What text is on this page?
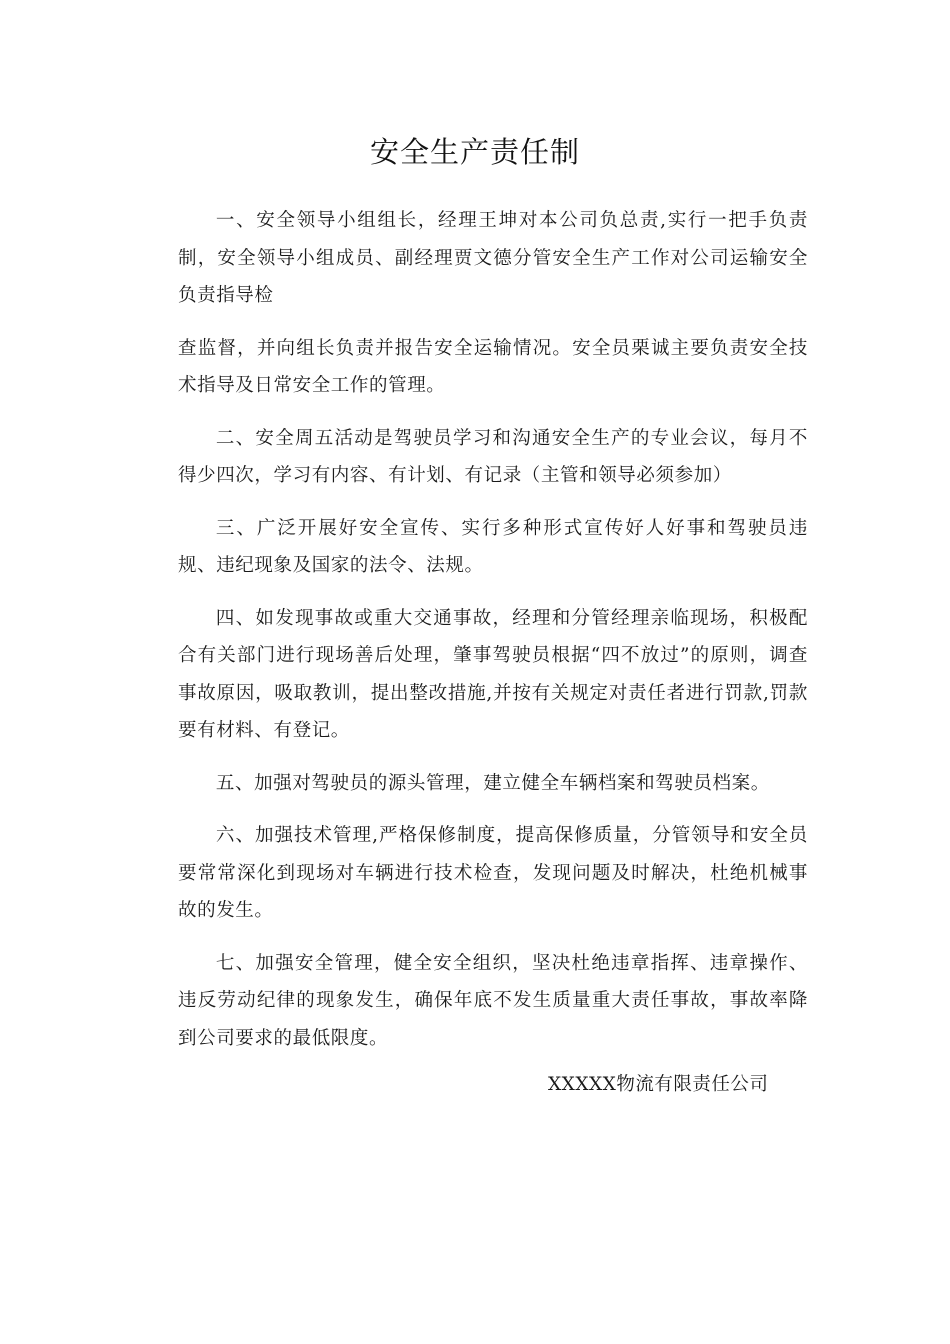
安全生产责任制

一、安全领导小组组长，经理王坤对本公司负总责,实行一把手负责制，安全领导小组成员、副经理贾文德分管安全生产工作对公司运输安全负责指导检

查监督，并向组长负责并报告安全运输情况。安全员栗诚主要负责安全技术指导及日常安全工作的管理。

二、安全周五活动是驾驶员学习和沟通安全生产的专业会议，每月不得少四次，学习有内容、有计划、有记录（主管和领导必须参加）

三、广泛开展好安全宣传、实行多种形式宣传好人好事和驾驶员违规、违纪现象及国家的法令、法规。

四、如发现事故或重大交通事故，经理和分管经理亲临现场，积极配合有关部门进行现场善后处理，肇事驾驶员根据“四不放过”的原则，调查事故原因，吸取教训，提出整改措施,并按有关规定对责任者进行罚款,罚款要有材料、有登记。

五、加强对驾驶员的源头管理，建立健全车辆档案和驾驶员档案。

六、加强技术管理,严格保修制度，提高保修质量，分管领导和安全员要常常深化到现场对车辆进行技术检查，发现问题及时解决，杜绝机械事故的发生。

七、加强安全管理，健全安全组织，坚决杜绝违章指挥、违章操作、违反劳动纪律的现象发生，确保年底不发生质量重大责任事故，事故率降到公司要求的最低限度。

XXXXX物流有限责任公司
